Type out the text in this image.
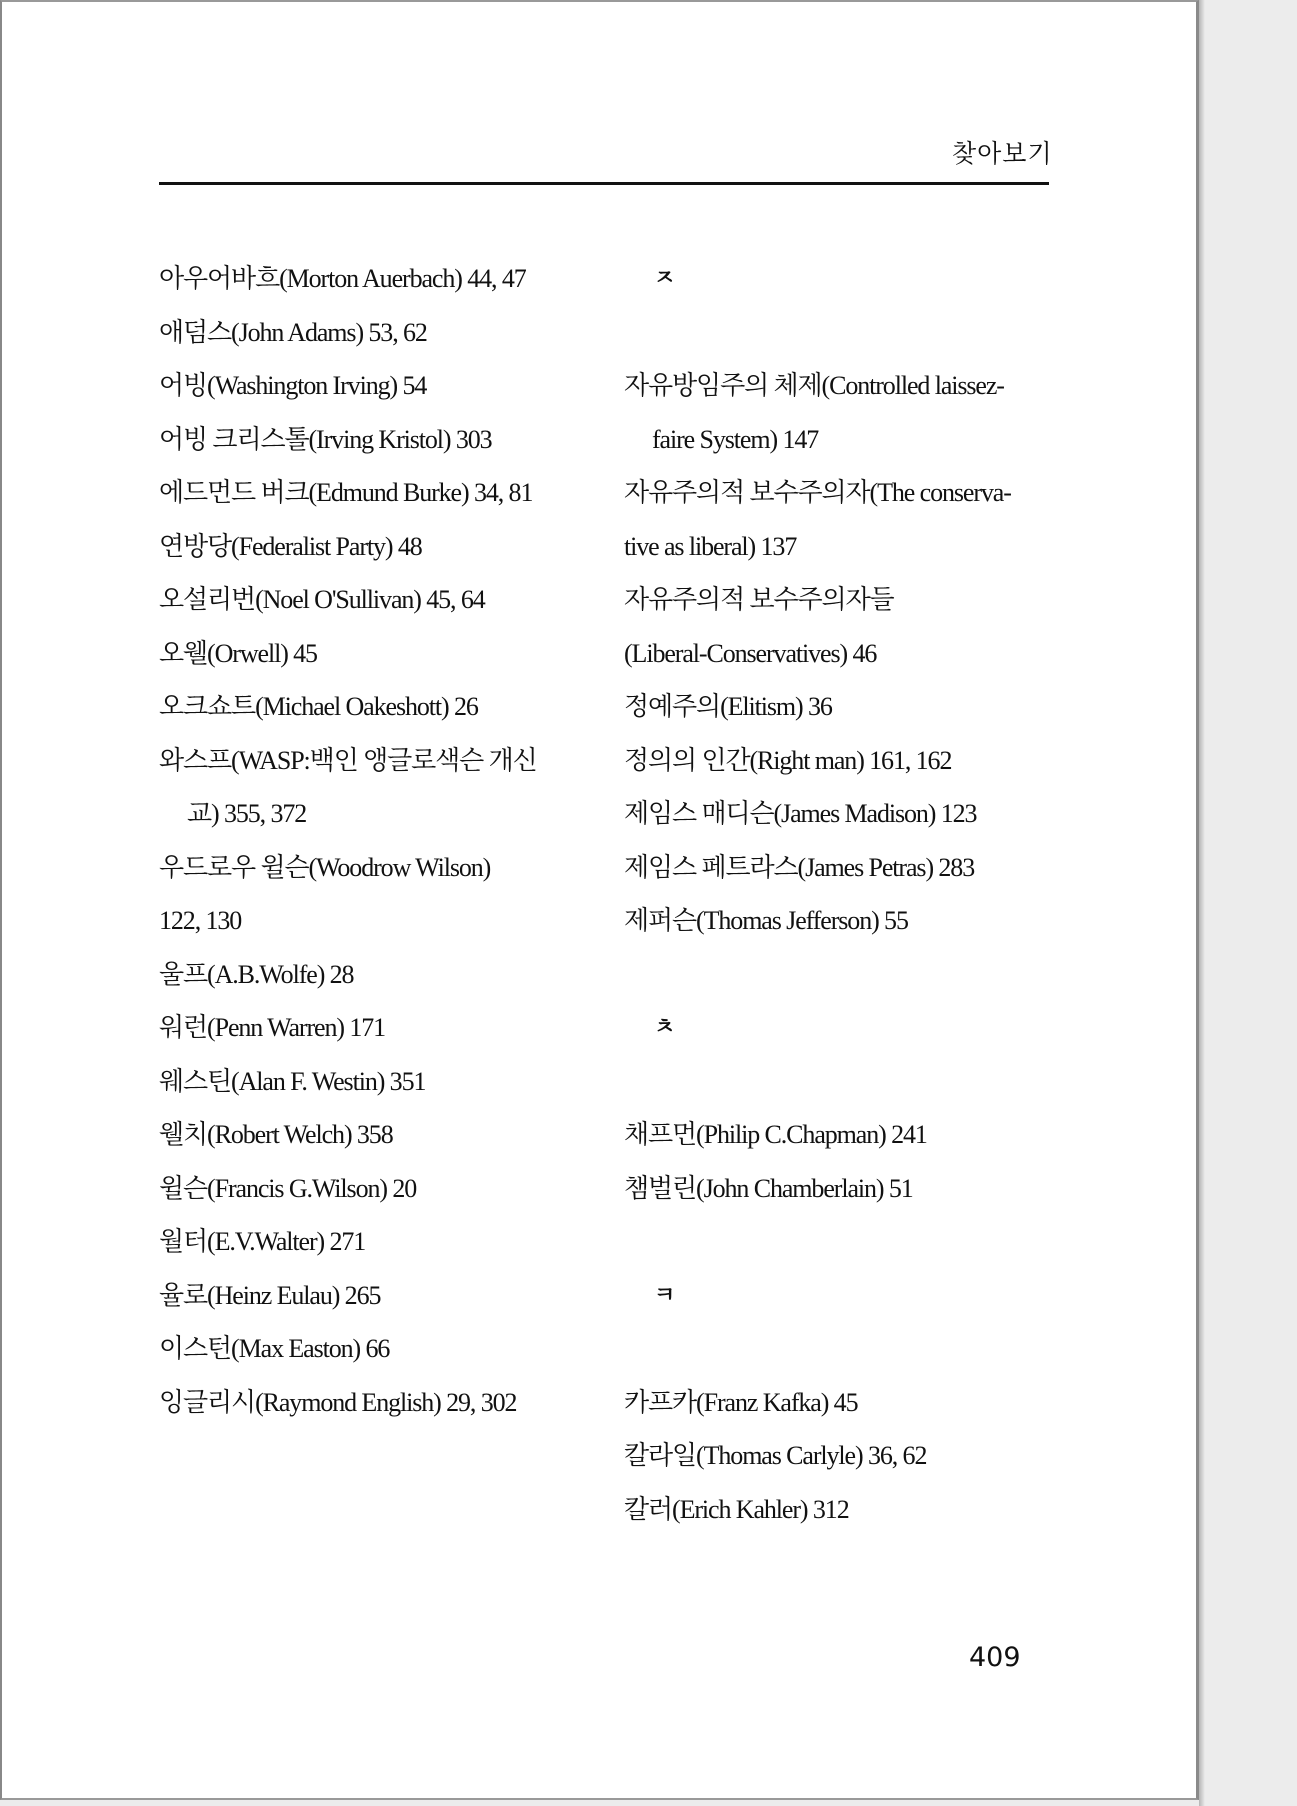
찾아보기
아우어바흐(Morton Auerbach) 44, 47
애덤스(John Adams) 53, 62
어빙(Washington Irving) 54
어빙 크리스톨(Irving Kristol) 303
에드먼드 버크(Edmund Burke) 34, 81
연방당(Federalist Party) 48
오설리번(Noel O'Sullivan) 45, 64
오웰(Orwell) 45
오크쇼트(Michael Oakeshott) 26
와스프(WASP:백인 앵글로색슨 개신
교) 355, 372
우드로우 윌슨(Woodrow Wilson)
122, 130
울프(A.B.Wolfe) 28
워런(Penn Warren) 171
웨스틴(Alan F. Westin) 351
웰치(Robert Welch) 358
윌슨(Francis G.Wilson) 20
월터(E.V.Walter) 271
율로(Heinz Eulau) 265
이스턴(Max Easton) 66
잉글리시(Raymond English) 29, 302
ㅈ
자유방임주의 체제(Controlled laissez-
faire System) 147
자유주의적 보수주의자(The conserva-
tive as liberal) 137
자유주의적 보수주의자들
(Liberal-Conservatives) 46
정예주의(Elitism) 36
정의의 인간(Right man) 161, 162
제임스 매디슨(James Madison) 123
제임스 페트라스(James Petras) 283
제퍼슨(Thomas Jefferson) 55
ㅊ
채프먼(Philip C.Chapman) 241
챔벌린(John Chamberlain) 51
ㅋ
카프카(Franz Kafka) 45
칼라일(Thomas Carlyle) 36, 62
칼러(Erich Kahler) 312
409
